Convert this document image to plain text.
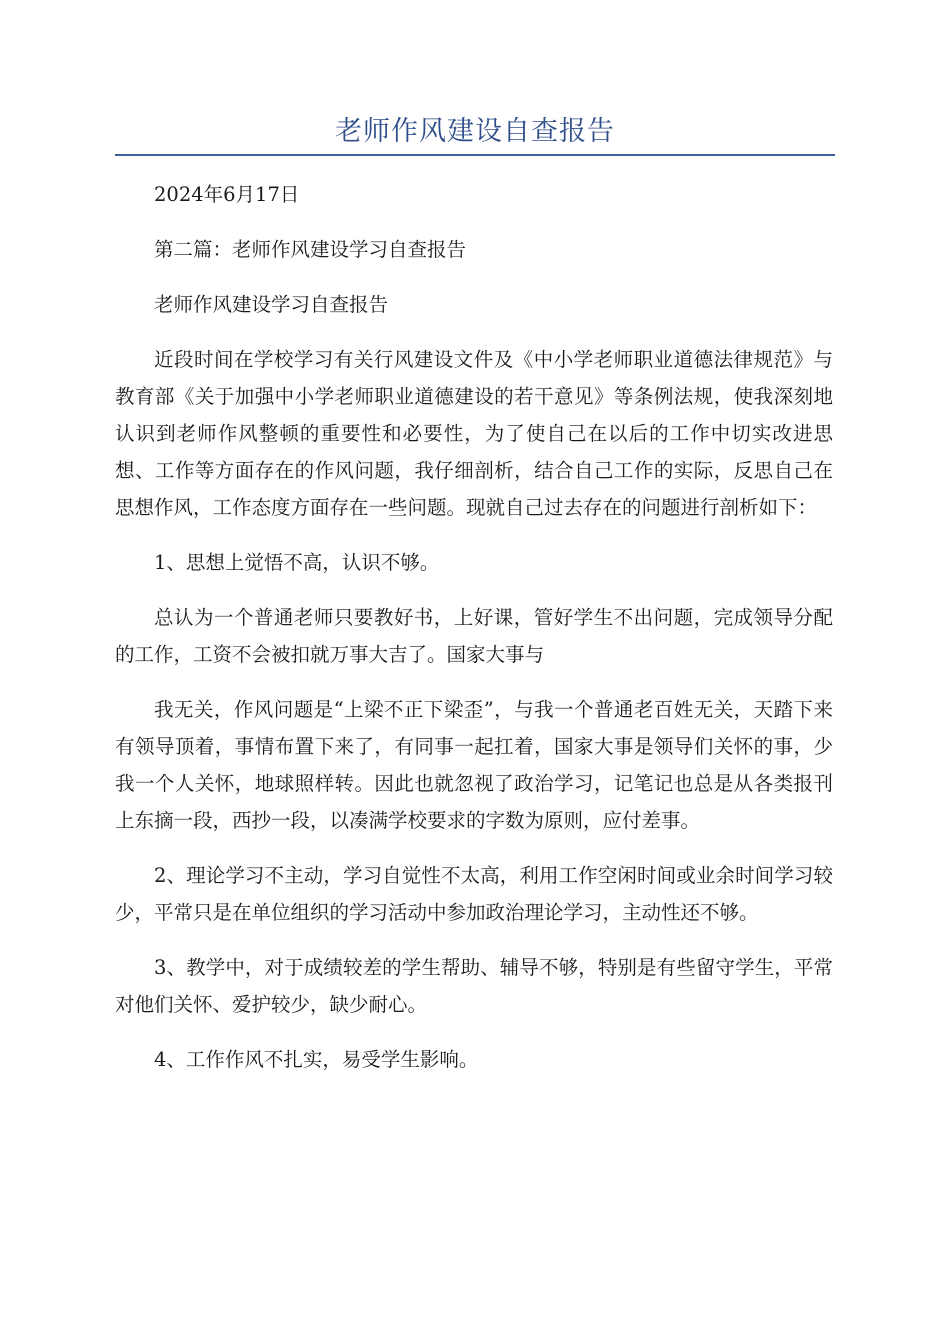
老师作风建设自查报告

2024年6月17日

第二篇：老师作风建设学习自查报告

老师作风建设学习自查报告

近段时间在学校学习有关行风建设文件及《中小学老师职业道德法律规范》与教育部《关于加强中小学老师职业道德建设的若干意见》等条例法规，使我深刻地认识到老师作风整顿的重要性和必要性，为了使自己在以后的工作中切实改进思想、工作等方面存在的作风问题，我仔细剖析，结合自己工作的实际，反思自己在思想作风，工作态度方面存在一些问题。现就自己过去存在的问题进行剖析如下：

1、思想上觉悟不高，认识不够。

总认为一个普通老师只要教好书，上好课，管好学生不出问题，完成领导分配的工作，工资不会被扣就万事大吉了。国家大事与

我无关，作风问题是“上梁不正下梁歪”，与我一个普通老百姓无关，天踏下来有领导顶着，事情布置下来了，有同事一起扛着，国家大事是领导们关怀的事，少我一个人关怀，地球照样转。因此也就忽视了政治学习，记笔记也总是从各类报刊上东摘一段，西抄一段，以凑满学校要求的字数为原则，应付差事。

2、理论学习不主动，学习自觉性不太高，利用工作空闲时间或业余时间学习较少，平常只是在单位组织的学习活动中参加政治理论学习，主动性还不够。

3、教学中，对于成绩较差的学生帮助、辅导不够，特别是有些留守学生，平常对他们关怀、爱护较少，缺少耐心。

4、工作作风不扎实，易受学生影响。
